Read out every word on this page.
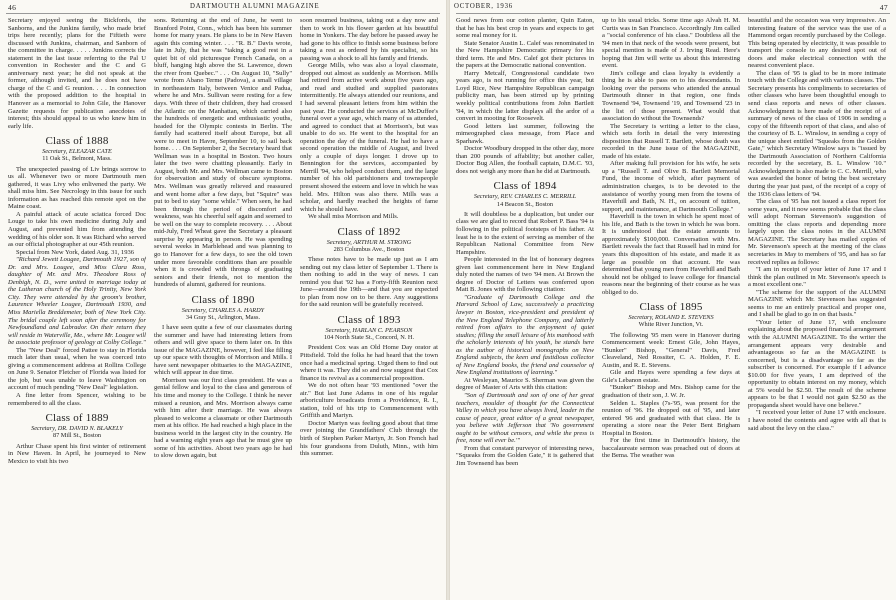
46	DARTMOUTH ALUMNI MAGAZINE

Secretary enjoyed seeing the Bickfords, the Sanborns, and the Junkins family, who made brief trips here recently; plans for the Fiftieth were discussed with Junkins, chairman, and Sanborn of the committee in charge. . . . . Junkins corrects the statement in the last issue referring to the Pal U convention in Rochester and the C and G anniversary next year; he did not speak at the former, although invited, and he does not have charge of the C and G reunion. . . . In connection with the proposed addition to the hospital in Hanover as a memorial to John Gile, the Hanover Gazette requests for publication anecdotes of interest; this should appeal to us who knew him in early life.

Class of 1888
Secretary, ELEAZAR CATE
11 Oak St., Belmont, Mass.

The unexpected passing of Liv brings sorrow to us all. Whenever two or more Dartmouth men gathered, it was Livy who enlivened the party. We shall miss him. See Necrology in this issue for such information as has reached this remote spot on the Maine coast.

A painful attack of acute sciatica forced Doc Louge to take his own medicine during July and August, and prevented him from attending the wedding of his older son. It was Richard who served as our official photographer at our 45th reunion.

Special from New York, dated Aug. 31, 1936

"Richard Jewett Lougee, Dartmouth 1927, son of Dr. and Mrs. Lougee, and Miss Clara Ross, daughter of Mr. and Mrs. Theodore Ross of Denbigh, N. D., were united in marriage today at the Lutheran church of the Holy Trinity, New York City. They were attended by the groom's brother, Laurence Wheeler Lougee, Dartmouth 1930, and Miss Mariella Breddemeier, both of New York City. The bridal couple left soon after the ceremony for Newfoundland and Labrador. On their return they will reside in Waterville, Me., where Mr. Lougee will be associate professor of geology at Colby College."

The "New Deal" forced Pattee to stay in Florida much later than usual, when he was coerced into giving a commencement address at Rollins College on June 9. Senator Fletcher of Florida was listed for the job, but was unable to leave Washington on account of much pending "New Deal" legislation.

A fine letter from Spencer, wishing to be remembered to all the class.

Class of 1889
Secretary, DR. DAVID N. BLAKELY
87 Mill St., Boston

Arthur Chase spent his first winter of retirement in New Haven. In April, he journeyed to New Mexico to visit his two

sons. Returning at the end of June, he went to Branford Point, Conn., which has been his summer home for many years. He plans to be in New Haven again this coming winter. . . . "R. B." Davis wrote, late in July, that he was "taking a good rest in a quiet bit of old picturesque French Canada, on a bluff, hanging high above the St. Lawrence, down the river from Quebec." . . . On August 10, "Sully" wrote from Abano Terme (Padova), a small village in northeastern Italy, between Venice and Padua, where he and Mrs. Sullivan were resting for a few days. With three of their children, they had crossed the Atlantic on the Manhattan, which carried also the hundreds of energetic and enthusiastic youths, headed for the Olympic contests in Berlin. The family had scattered itself about Europe, but all were to meet in Havre, September 10, to sail back home. . . . On September 2, the Secretary heard that Wellman was in a hospital in Boston. Two hours later the two were chatting pleasantly. Early in August, both Mr. and Mrs. Wellman came to Boston for observation and study of obscure symptoms. Mrs. Wellman was greatly relieved and reassured and went home after a few days, but "Squire" was put to bed to stay "some while." When seen, he had been through the period of discomfort and weakness, was his cheerful self again and seemed to be well on the way to complete recovery. . . . About mid-July, Fred Wheat gave the Secretary a pleasant surprise by appearing in person. He was spending several weeks in Marblehead and was planning to go to Hanover for a few days, to see the old town under more favorable conditions than are possible when it is crowded with throngs of graduating seniors and their friends, not to mention the hundreds of alumni, gathered for reunions.

Class of 1890
Secretary, CHARLES A. HARDY
34 Gray St., Arlington, Mass.

I have seen quite a few of our classmates during the summer and have had interesting letters from others and will give space to them later on. In this issue of the MAGAZINE, however, I feel like filling up our space with thoughts of Morrison and Mills. I have sent newspaper obituaries to the MAGAZINE, which will appear in due time.

Morrison was our first class president. He was a genial fellow and loyal to the class and generous of his time and money to the College. I think he never missed a reunion, and Mrs. Morrison always came with him after their marriage. He was always pleased to welcome a classmate or other Dartmouth men at his office. He had reached a high place in the business world in the largest city in the country. He had a warning eight years ago that he must give up some of his activities. About two years ago he had to slow down again, but

soon resumed business, taking out a day now and then to work in his flower garden at his beautiful home in Yonkers. The day before he passed away he had gone to his office to finish some business before taking a rest as ordered by his specialist, so his passing was a shock to all his family and friends.

George Mills, who was also a loyal classmate, dropped out almost as suddenly as Morrison. Mills had retired from active work about five years ago, and read and studied and supplied pastorates intermittently. He always attended our reunions, and I had several pleasant letters from him within the past year. He conducted the services at McDuffee's funeral over a year ago, which many of us attended, and agreed to conduct that at Morrison's, but was unable to do so. He went to the hospital for an operation the day of the funeral. He had to have a second operation the middle of August, and lived only a couple of days longer. I drove up to Bennington for the services, accompanied by Merrill '94, who helped conduct them, and the large number of his old parishioners and townspeople present showed the esteem and love in which he was held. Mrs. Hilton was also there. Mills was a scholar, and hardly reached the heights of fame which he should have.

We shall miss Morrison and Mills.

Class of 1892
Secretary, ARTHUR M. STRONG
283 Columbus Ave., Boston

These notes have to be made up just as I am sending out my class letter of September 1. There is then nothing to add in the way of news. I can remind you that '92 has a Forty-fifth Reunion next June—around the 19th—and that you are expected to plan from now on to be there. Any suggestions for the said reunion will be gratefully received.

Class of 1893
Secretary, HARLAN C. PEARSON
104 North State St., Concord, N. H.

President Cox was an Old Home Day orator at Pittsfield. Told the folks he had heard that the town once had a medicinal spring. Urged them to find out where it was. They did so and now suggest that Cox finance its revival as a commercial proposition.

We do not often hear '93 mentioned "over the air." But last June Adams in one of his regular arboriculture broadcasts from a Providence, R. I., station, told of his trip to Commencement with Griffith and Martyn.

Doctor Martyn was feeling good about that time over joining the Grandfathers' Club through the birth of Stephen Parker Martyn, Jr. Son French had his four grandsons from Duluth, Minn., with him this summer.

OCTOBER, 1936	47

Good news from our cotton planter, Quin Eaton, that he has his best crop in years and expects to get some real money for it.

State Senator Austin L. Calef was renominated in the New Hampshire Democratic primary for his third term. He and Mrs. Calef got their pictures in the papers at the Democratic national convention.

Harry Metcalf, Congressional candidate two years ago, is not running for office this year, but Loyd Rice, New Hampshire Republican campaign publicity man, has been stirred up by printing weekly political contributions from John Bartlett '94, in which the latter displays all the ardor of a convert in mooting for Roosevelt.

Good letters last summer, following the mimeographed class message, from Place and Sparhawk.

Doctor Woodbury dropped in the other day, more than 200 pounds of affability; but another caller, Doctor Bug Allen, the football captain, D.M.C. '93, does not weigh any more than he did at Dartmouth.

Class of 1894
Secretary, REV. CHARLES C. MERRILL
14 Beacon St., Boston

It will doubtless be a duplication, but under our class we are glad to record that Robert P. Bass '94 is following in the political footsteps of his father. At least he is to the extent of serving as member of the Republican National Committee from New Hampshire.

People interested in the list of honorary degrees given last commencement here in New England duly noted the names of two '94 men. At Brown the degree of Doctor of Letters was conferred upon Matt B. Jones with the following citation:

"Graduate of Dartmouth College and the Harvard School of Law, successively a practicing lawyer in Boston, vice-president and president of the New England Telephone Company, and latterly retired from affairs to the enjoyment of quiet studies; filling the small leisure of his manhood with the scholarly interests of his youth, he stands here as the author of historical monographs on New England subjects, the keen and fastidious collector of New England books, the friend and counselor of New England institutions of learning."

At Wesleyan, Maurice S. Sherman was given the degree of Master of Arts with this citation:

"Son of Dartmouth and son of one of her great teachers, moulder of thought for the Connecticut Valley in which you have always lived, leader in the cause of peace, great editor of a great newspaper, you believe with Jefferson that 'No government ought to be without censors, and while the press is free, none will ever be.'"

From that constant purveyor of interesting news, "Squeaks from the Golden Gate," it is gathered that Jim Townsend has been

up to his usual tricks. Some time ago Alvah H. M. Curtis was in San Francisco. Accordingly Jim called a "social conference of his class." Doubtless all the '94 men in that neck of the woods were present, but special mention is made of J. Irving Read. Here's hoping that Jim will write us about this interesting event.

Jim's college and class loyalty is evidently a thing he is able to pass on to his descendants. In looking over the persons who attended the annual Dartmouth dinner in that region, one finds Townsend '94, Townsend '19, and Townsend '23 in the list of those present. What would that association do without the Townsends?

The Secretary is writing a letter to the class, which sets forth in detail the very interesting disposition that Russell T. Bartlett, whose death was recorded in the June issue of the MAGAZINE, made of his estate.

After making full provision for his wife, he sets up a "Russell T. and Olive B. Bartlett Memorial Fund, the income of which, after payment of administration charges, is to be devoted to the assistance of worthy young men from the towns of Haverhill and Bath, N. H., on account of tuition, support, and maintenance, at Dartmouth College."

Haverhill is the town in which he spent most of his life, and Bath is the town in which he was born. It is understood that the estate amounts to approximately $100,000. Conversation with Mrs. Bartlett reveals the fact that Russell had in mind for years this disposition of his estate, and made it as large as possible on that account. He was determined that young men from Haverhill and Bath should not be obliged to leave college for financial reasons near the beginning of their course as he was obliged to do.

Class of 1895
Secretary, ROLAND E. STEVENS
White River Junction, Vt.

The following '95 men were in Hanover during Commencement week: Ernest Gile, John Hayes, "Bunker" Bishop, "General" Davis, Fred Cleaveland, Ned Rossiter, C. A. Holden, F. E. Austin, and R. E. Stevens.

Gile and Hayes were spending a few days at Gile's Lebanon estate.

"Bunker" Bishop and Mrs. Bishop came for the graduation of their son, J. W. Jr.

Selden L. Staples (7s-'95, was present for the reunion of '96. He dropped out of '95, and later entered '96 and graduated with that class. He is operating a store near the Peter Bent Brigham Hospital in Boston.

For the first time in Dartmouth's history, the baccalaureate sermon was preached out of doors at the Bema. The weather was

beautiful and the occasion was very impressive. An interesting feature of the service was the use of a Hammond organ recently purchased by the College. This being operated by electricity, it was possible to transport the console to any desired spot out of doors and make electrical connection with the nearest convenient place.

The class of '95 is glad to be in more intimate touch with the College and with various classes. The Secretary presents his compliments to secretaries of other classes who have been thoughtful enough to send class reports and news of other classes. Acknowledgment is here made of the receipt of a summary of news of the class of 1906 in sending a copy of the fifteenth report of that class, and also of the courtesy of B. L. Winslow, in sending a copy of the unique sheet entitled "Squeaks from the Golden Gate," which Secretary Winslow says is "issued by the Dartmouth Association of Northern California recorded by the secretary, B. L. Winslow '10." Acknowledgment is also made to C. C. Merrill, who was awarded the honor of being the best secretary during the year just past, of the receipt of a copy of the 1936 class letters of '94.

The class of '95 has not issued a class report for some years, and it now seems probable that the class will adopt Norman Stevenson's suggestion of omitting the class reports and depending more largely upon the class notes in the ALUMNI MAGAZINE. The Secretary has mailed copies of Mr. Stevenson's speech at the meeting of the class secretaries in May to members of '95, and has so far received replies as follows:

"I am in receipt of your letter of June 17 and I think the plan outlined in Mr. Stevenson's speech is a most excellent one."

"The scheme for the support of the ALUMNI MAGAZINE which Mr. Stevenson has suggested seems to me an entirely practical and proper one, and I shall be glad to go in on that basis."

"Your letter of June 17, with enclosure explaining about the proposed financial arrangement with the ALUMNI MAGAZINE. To the writer the arrangement appears very desirable and advantageous so far as the MAGAZINE is concerned, but is a disadvantage so far as the subscriber is concerned. For example if I advance $10.00 for five years, I am deprived of the opportunity to obtain interest on my money, which at 5% would be $2.50. The result of the scheme appears to be that I would not gain $2.50 as the propaganda sheet would have one believe."

"I received your letter of June 17 with enclosure. I have noted the contents and agree with all that is said about the levy on the class."
